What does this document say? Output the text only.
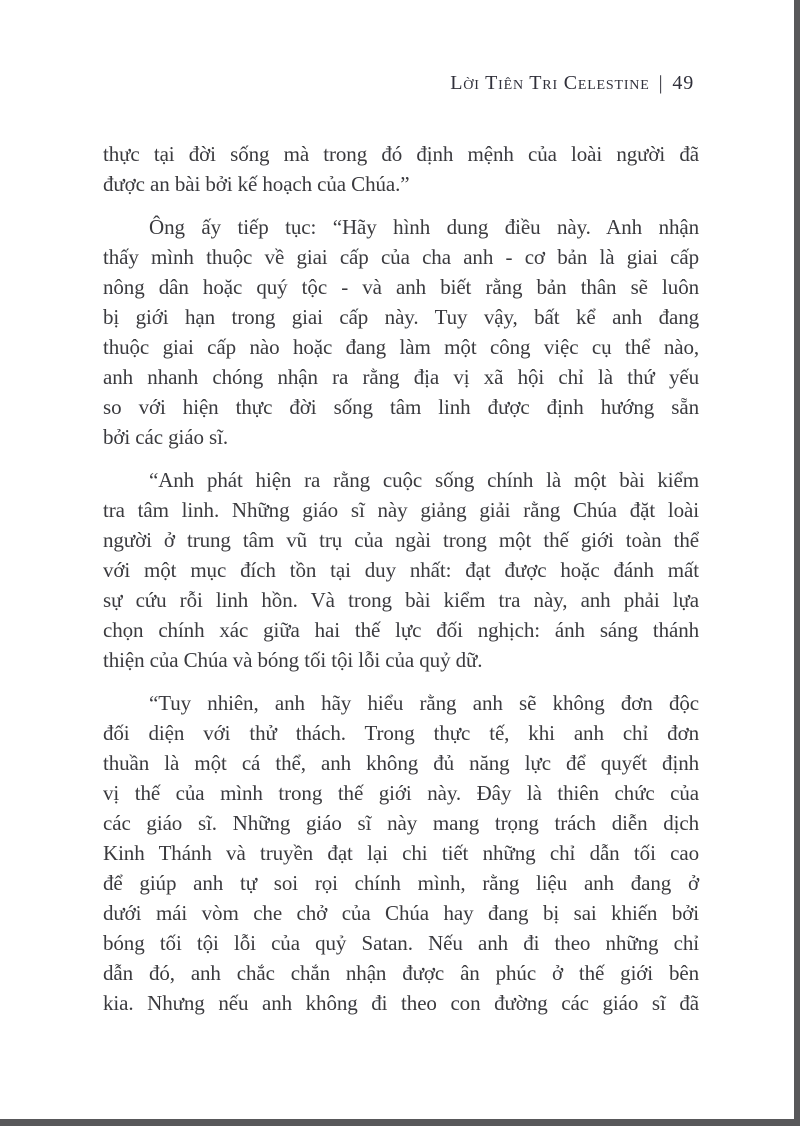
Lời Tiên Tri Celestine | 49
thực tại đời sống mà trong đó định mệnh của loài người đã
được an bài bởi kế hoạch của Chúa.”
Ông ấy tiếp tục: “Hãy hình dung điều này. Anh nhận
thấy mình thuộc về giai cấp của cha anh - cơ bản là giai cấp
nông dân hoặc quý tộc - và anh biết rằng bản thân sẽ luôn
bị giới hạn trong giai cấp này. Tuy vậy, bất kể anh đang
thuộc giai cấp nào hoặc đang làm một công việc cụ thể nào,
anh nhanh chóng nhận ra rằng địa vị xã hội chỉ là thứ yếu
so với hiện thực đời sống tâm linh được định hướng sẵn
bởi các giáo sĩ.
“Anh phát hiện ra rằng cuộc sống chính là một bài kiểm
tra tâm linh. Những giáo sĩ này giảng giải rằng Chúa đặt loài
người ở trung tâm vũ trụ của ngài trong một thế giới toàn thể
với một mục đích tồn tại duy nhất: đạt được hoặc đánh mất
sự cứu rỗi linh hồn. Và trong bài kiểm tra này, anh phải lựa
chọn chính xác giữa hai thế lực đối nghịch: ánh sáng thánh
thiện của Chúa và bóng tối tội lỗi của quỷ dữ.
“Tuy nhiên, anh hãy hiểu rằng anh sẽ không đơn độc
đối diện với thử thách. Trong thực tế, khi anh chỉ đơn
thuần là một cá thể, anh không đủ năng lực để quyết định
vị thế của mình trong thế giới này. Đây là thiên chức của
các giáo sĩ. Những giáo sĩ này mang trọng trách diễn dịch
Kinh Thánh và truyền đạt lại chi tiết những chỉ dẫn tối cao
để giúp anh tự soi rọi chính mình, rằng liệu anh đang ở
dưới mái vòm che chở của Chúa hay đang bị sai khiến bởi
bóng tối tội lỗi của quỷ Satan. Nếu anh đi theo những chỉ
dẫn đó, anh chắc chắn nhận được ân phúc ở thế giới bên
kia. Nhưng nếu anh không đi theo con đường các giáo sĩ đã
